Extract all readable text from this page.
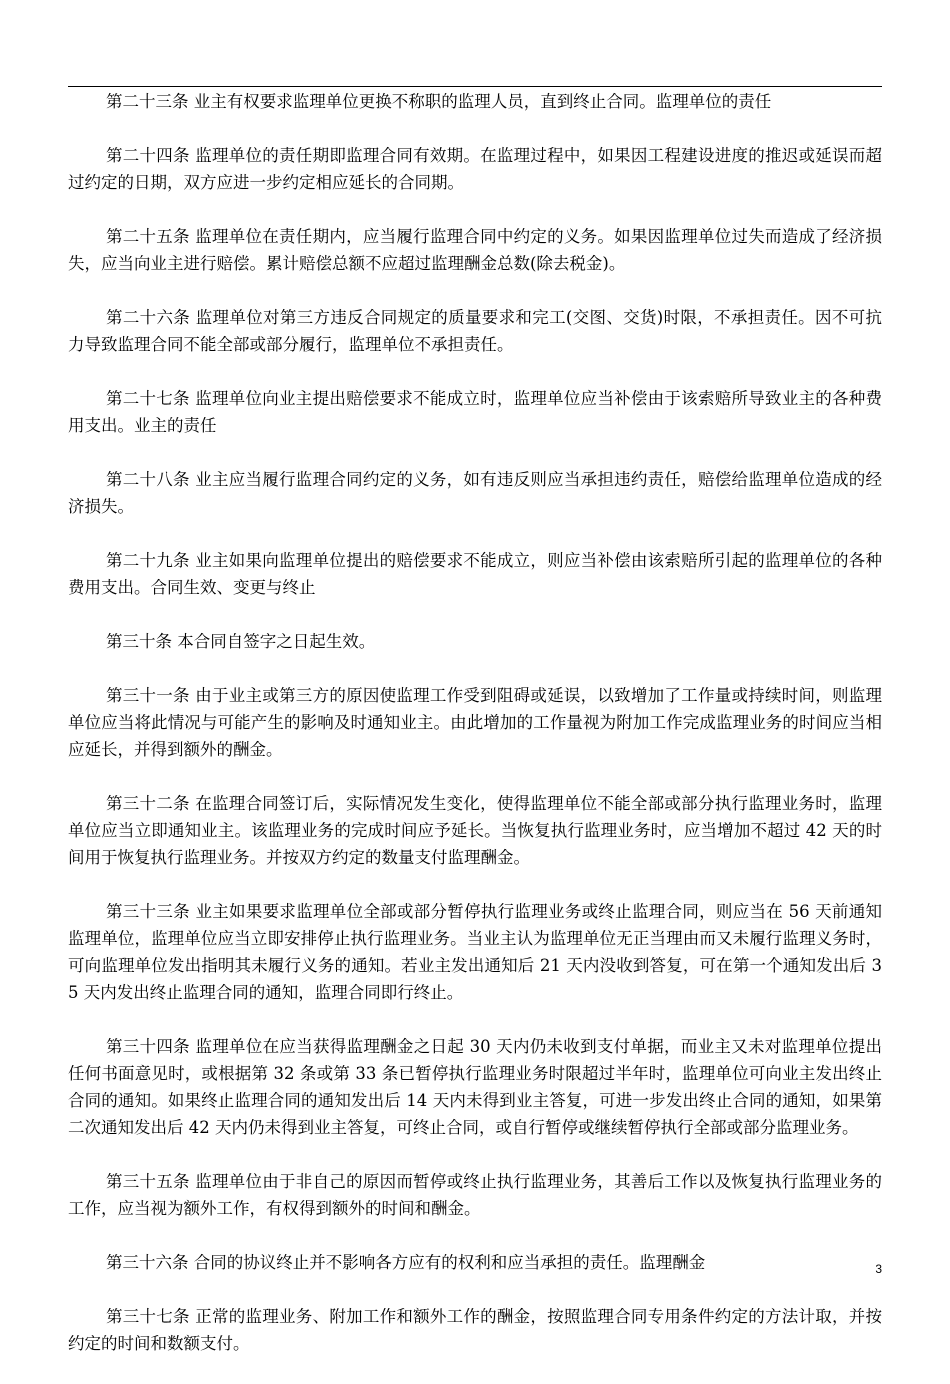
第二十三条 业主有权要求监理单位更换不称职的监理人员，直到终止合同。监理单位的责任

第二十四条 监理单位的责任期即监理合同有效期。在监理过程中，如果因工程建设进度的推迟或延误而超过约定的日期，双方应进一步约定相应延长的合同期。

第二十五条 监理单位在责任期内，应当履行监理合同中约定的义务。如果因监理单位过失而造成了经济损失，应当向业主进行赔偿。累计赔偿总额不应超过监理酬金总数(除去税金)。

第二十六条 监理单位对第三方违反合同规定的质量要求和完工(交图、交货)时限，不承担责任。因不可抗力导致监理合同不能全部或部分履行，监理单位不承担责任。

第二十七条 监理单位向业主提出赔偿要求不能成立时，监理单位应当补偿由于该索赔所导致业主的各种费用支出。业主的责任

第二十八条 业主应当履行监理合同约定的义务，如有违反则应当承担违约责任，赔偿给监理单位造成的经济损失。

第二十九条 业主如果向监理单位提出的赔偿要求不能成立，则应当补偿由该索赔所引起的监理单位的各种费用支出。合同生效、变更与终止

第三十条 本合同自签字之日起生效。

第三十一条 由于业主或第三方的原因使监理工作受到阻碍或延误，以致增加了工作量或持续时间，则监理单位应当将此情况与可能产生的影响及时通知业主。由此增加的工作量视为附加工作完成监理业务的时间应当相应延长，并得到额外的酬金。

第三十二条 在监理合同签订后，实际情况发生变化，使得监理单位不能全部或部分执行监理业务时，监理单位应当立即通知业主。该监理业务的完成时间应予延长。当恢复执行监理业务时，应当增加不超过 42 天的时间用于恢复执行监理业务。并按双方约定的数量支付监理酬金。

第三十三条 业主如果要求监理单位全部或部分暂停执行监理业务或终止监理合同，则应当在 56 天前通知监理单位，监理单位应当立即安排停止执行监理业务。当业主认为监理单位无正当理由而又未履行监理义务时，可向监理单位发出指明其未履行义务的通知。若业主发出通知后 21 天内没收到答复，可在第一个通知发出后 35 天内发出终止监理合同的通知，监理合同即行终止。

第三十四条 监理单位在应当获得监理酬金之日起 30 天内仍未收到支付单据，而业主又未对监理单位提出任何书面意见时，或根据第 32 条或第 33 条已暂停执行监理业务时限超过半年时，监理单位可向业主发出终止合同的通知。如果终止监理合同的通知发出后 14 天内未得到业主答复，可进一步发出终止合同的通知，如果第二次通知发出后 42 天内仍未得到业主答复，可终止合同，或自行暂停或继续暂停执行全部或部分监理业务。

第三十五条 监理单位由于非自己的原因而暂停或终止执行监理业务，其善后工作以及恢复执行监理业务的工作，应当视为额外工作，有权得到额外的时间和酬金。

第三十六条 合同的协议终止并不影响各方应有的权利和应当承担的责任。监理酬金

第三十七条 正常的监理业务、附加工作和额外工作的酬金，按照监理合同专用条件约定的方法计取，并按约定的时间和数额支付。

3
